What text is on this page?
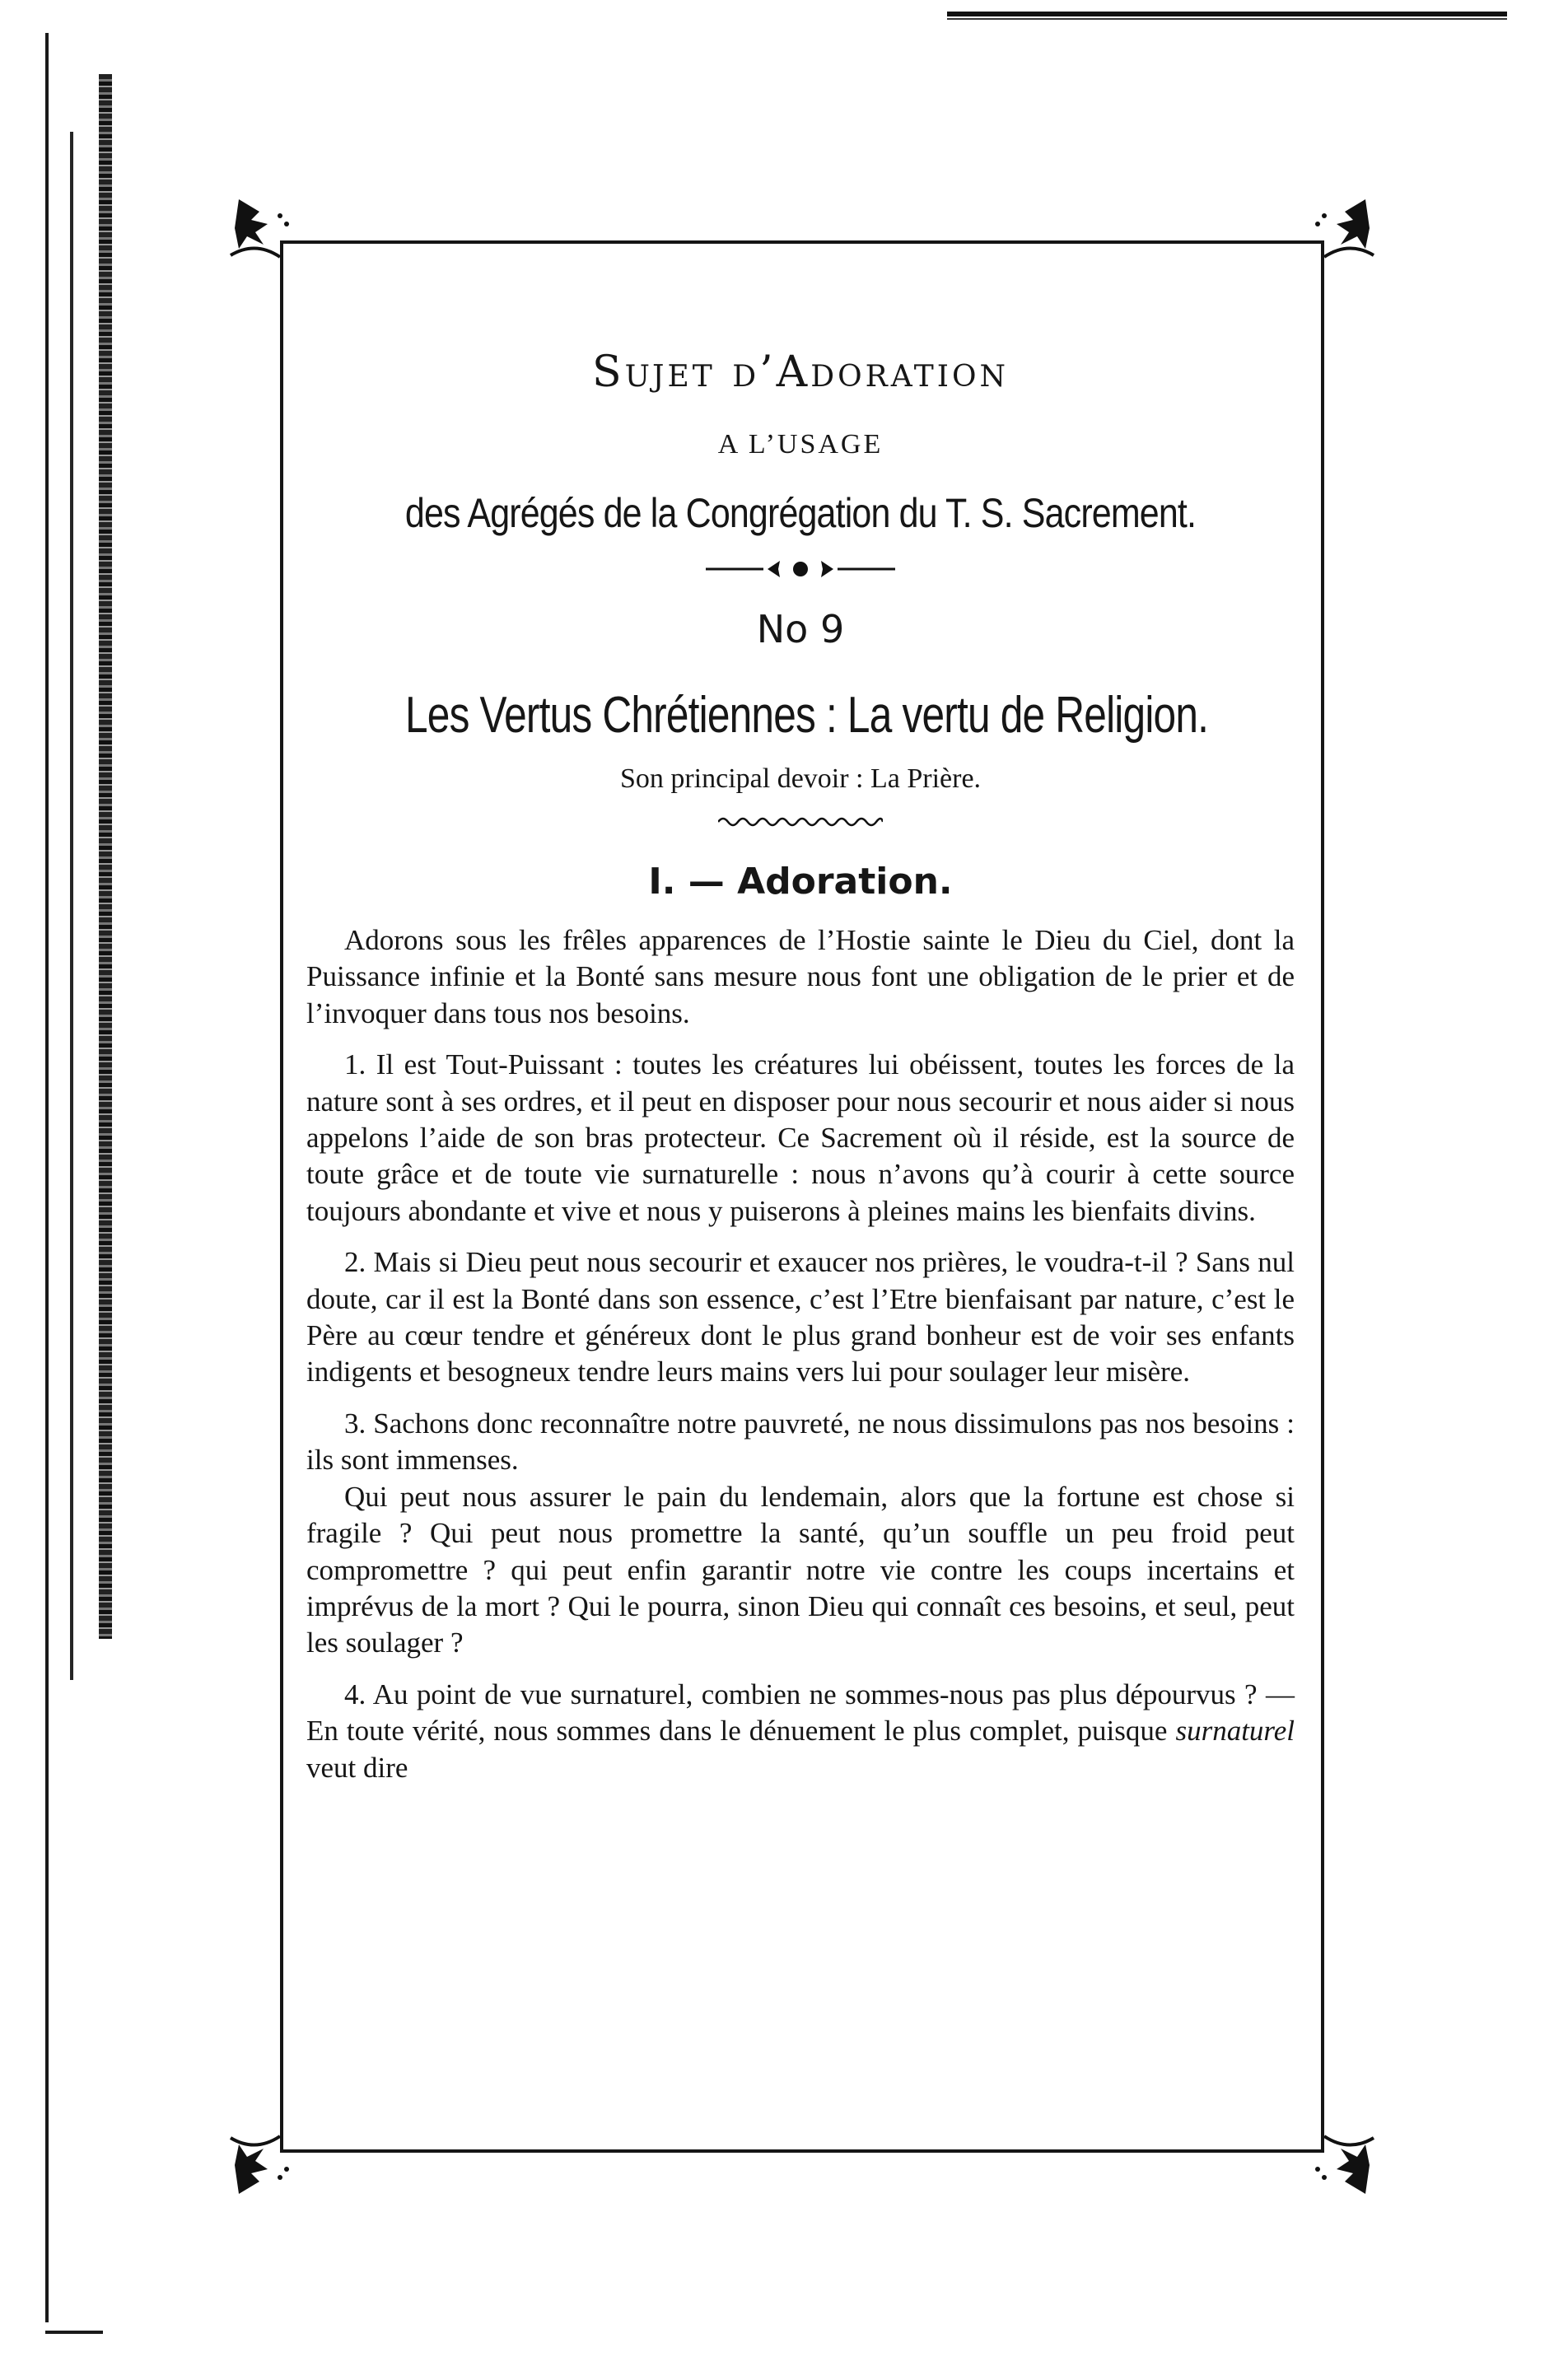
Sujet d’Adoration
A L’USAGE
des Agrégés de la Congrégation du T. S. Sacrement.
No 9
Les Vertus Chrétiennes : La vertu de Religion.
Son principal devoir : La Prière.
I. — Adoration.

Adorons sous les frêles apparences de l’Hostie sainte le Dieu du Ciel, dont la Puissance infinie et la Bonté sans mesure nous font une obligation de le prier et de l’invoquer dans tous nos besoins.

1. Il est Tout-Puissant : toutes les créatures lui obéissent, toutes les forces de la nature sont à ses ordres, et il peut en disposer pour nous secourir et nous aider si nous appelons l’aide de son bras protecteur. Ce Sacrement où il réside, est la source de toute grâce et de toute vie surnaturelle : nous n’avons qu’à courir à cette source toujours abondante et vive et nous y puiserons à pleines mains les bienfaits divins.

2. Mais si Dieu peut nous secourir et exaucer nos prières, le voudra-t-il ? Sans nul doute, car il est la Bonté dans son essence, c’est l’Etre bienfaisant par nature, c’est le Père au cœur tendre et généreux dont le plus grand bonheur est de voir ses enfants indigents et besogneux tendre leurs mains vers lui pour soulager leur misère.

3. Sachons donc reconnaître notre pauvreté, ne nous dissimulons pas nos besoins : ils sont immenses.

Qui peut nous assurer le pain du lendemain, alors que la fortune est chose si fragile ? Qui peut nous promettre la santé, qu’un souffle un peu froid peut compromettre ? qui peut enfin garantir notre vie contre les coups incertains et imprévus de la mort ? Qui le pourra, sinon Dieu qui connaît ces besoins, et seul, peut les soulager ?

4. Au point de vue surnaturel, combien ne sommes-nous pas plus dépourvus ? — En toute vérité, nous sommes dans le dénuement le plus complet, puisque surnaturel veut dire
